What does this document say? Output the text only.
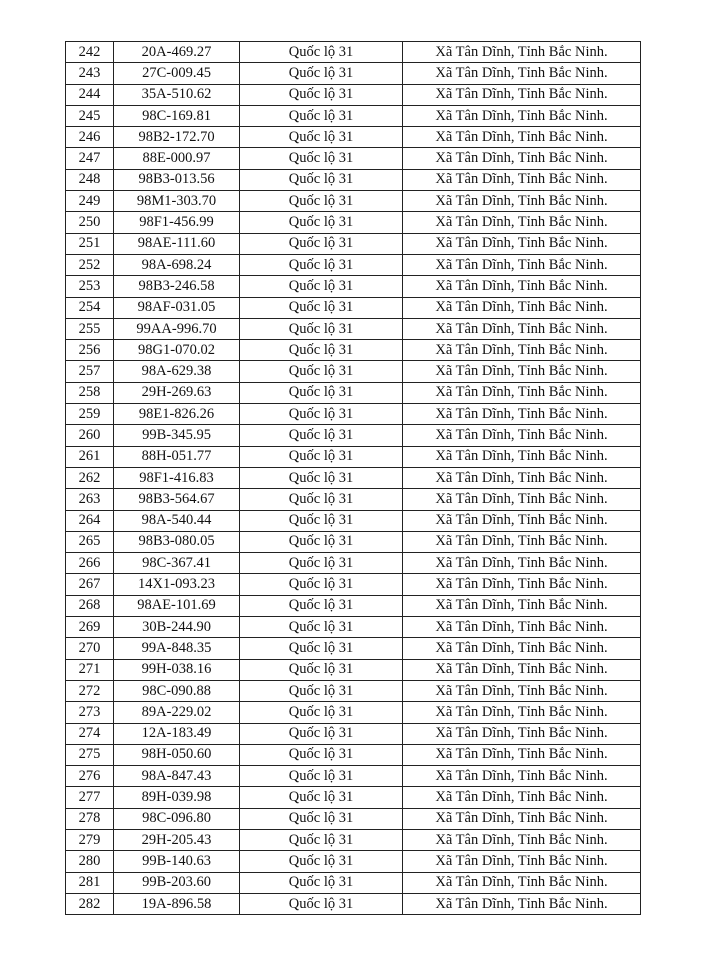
242	20A-469.27	Quốc lộ 31	Xã Tân Dĩnh, Tỉnh Bắc Ninh.
243	27C-009.45	Quốc lộ 31	Xã Tân Dĩnh, Tỉnh Bắc Ninh.
244	35A-510.62	Quốc lộ 31	Xã Tân Dĩnh, Tỉnh Bắc Ninh.
245	98C-169.81	Quốc lộ 31	Xã Tân Dĩnh, Tỉnh Bắc Ninh.
246	98B2-172.70	Quốc lộ 31	Xã Tân Dĩnh, Tỉnh Bắc Ninh.
247	88E-000.97	Quốc lộ 31	Xã Tân Dĩnh, Tỉnh Bắc Ninh.
248	98B3-013.56	Quốc lộ 31	Xã Tân Dĩnh, Tỉnh Bắc Ninh.
249	98M1-303.70	Quốc lộ 31	Xã Tân Dĩnh, Tỉnh Bắc Ninh.
250	98F1-456.99	Quốc lộ 31	Xã Tân Dĩnh, Tỉnh Bắc Ninh.
251	98AE-111.60	Quốc lộ 31	Xã Tân Dĩnh, Tỉnh Bắc Ninh.
252	98A-698.24	Quốc lộ 31	Xã Tân Dĩnh, Tỉnh Bắc Ninh.
253	98B3-246.58	Quốc lộ 31	Xã Tân Dĩnh, Tỉnh Bắc Ninh.
254	98AF-031.05	Quốc lộ 31	Xã Tân Dĩnh, Tỉnh Bắc Ninh.
255	99AA-996.70	Quốc lộ 31	Xã Tân Dĩnh, Tỉnh Bắc Ninh.
256	98G1-070.02	Quốc lộ 31	Xã Tân Dĩnh, Tỉnh Bắc Ninh.
257	98A-629.38	Quốc lộ 31	Xã Tân Dĩnh, Tỉnh Bắc Ninh.
258	29H-269.63	Quốc lộ 31	Xã Tân Dĩnh, Tỉnh Bắc Ninh.
259	98E1-826.26	Quốc lộ 31	Xã Tân Dĩnh, Tỉnh Bắc Ninh.
260	99B-345.95	Quốc lộ 31	Xã Tân Dĩnh, Tỉnh Bắc Ninh.
261	88H-051.77	Quốc lộ 31	Xã Tân Dĩnh, Tỉnh Bắc Ninh.
262	98F1-416.83	Quốc lộ 31	Xã Tân Dĩnh, Tỉnh Bắc Ninh.
263	98B3-564.67	Quốc lộ 31	Xã Tân Dĩnh, Tỉnh Bắc Ninh.
264	98A-540.44	Quốc lộ 31	Xã Tân Dĩnh, Tỉnh Bắc Ninh.
265	98B3-080.05	Quốc lộ 31	Xã Tân Dĩnh, Tỉnh Bắc Ninh.
266	98C-367.41	Quốc lộ 31	Xã Tân Dĩnh, Tỉnh Bắc Ninh.
267	14X1-093.23	Quốc lộ 31	Xã Tân Dĩnh, Tỉnh Bắc Ninh.
268	98AE-101.69	Quốc lộ 31	Xã Tân Dĩnh, Tỉnh Bắc Ninh.
269	30B-244.90	Quốc lộ 31	Xã Tân Dĩnh, Tỉnh Bắc Ninh.
270	99A-848.35	Quốc lộ 31	Xã Tân Dĩnh, Tỉnh Bắc Ninh.
271	99H-038.16	Quốc lộ 31	Xã Tân Dĩnh, Tỉnh Bắc Ninh.
272	98C-090.88	Quốc lộ 31	Xã Tân Dĩnh, Tỉnh Bắc Ninh.
273	89A-229.02	Quốc lộ 31	Xã Tân Dĩnh, Tỉnh Bắc Ninh.
274	12A-183.49	Quốc lộ 31	Xã Tân Dĩnh, Tỉnh Bắc Ninh.
275	98H-050.60	Quốc lộ 31	Xã Tân Dĩnh, Tỉnh Bắc Ninh.
276	98A-847.43	Quốc lộ 31	Xã Tân Dĩnh, Tỉnh Bắc Ninh.
277	89H-039.98	Quốc lộ 31	Xã Tân Dĩnh, Tỉnh Bắc Ninh.
278	98C-096.80	Quốc lộ 31	Xã Tân Dĩnh, Tỉnh Bắc Ninh.
279	29H-205.43	Quốc lộ 31	Xã Tân Dĩnh, Tỉnh Bắc Ninh.
280	99B-140.63	Quốc lộ 31	Xã Tân Dĩnh, Tỉnh Bắc Ninh.
281	99B-203.60	Quốc lộ 31	Xã Tân Dĩnh, Tỉnh Bắc Ninh.
282	19A-896.58	Quốc lộ 31	Xã Tân Dĩnh, Tỉnh Bắc Ninh.
